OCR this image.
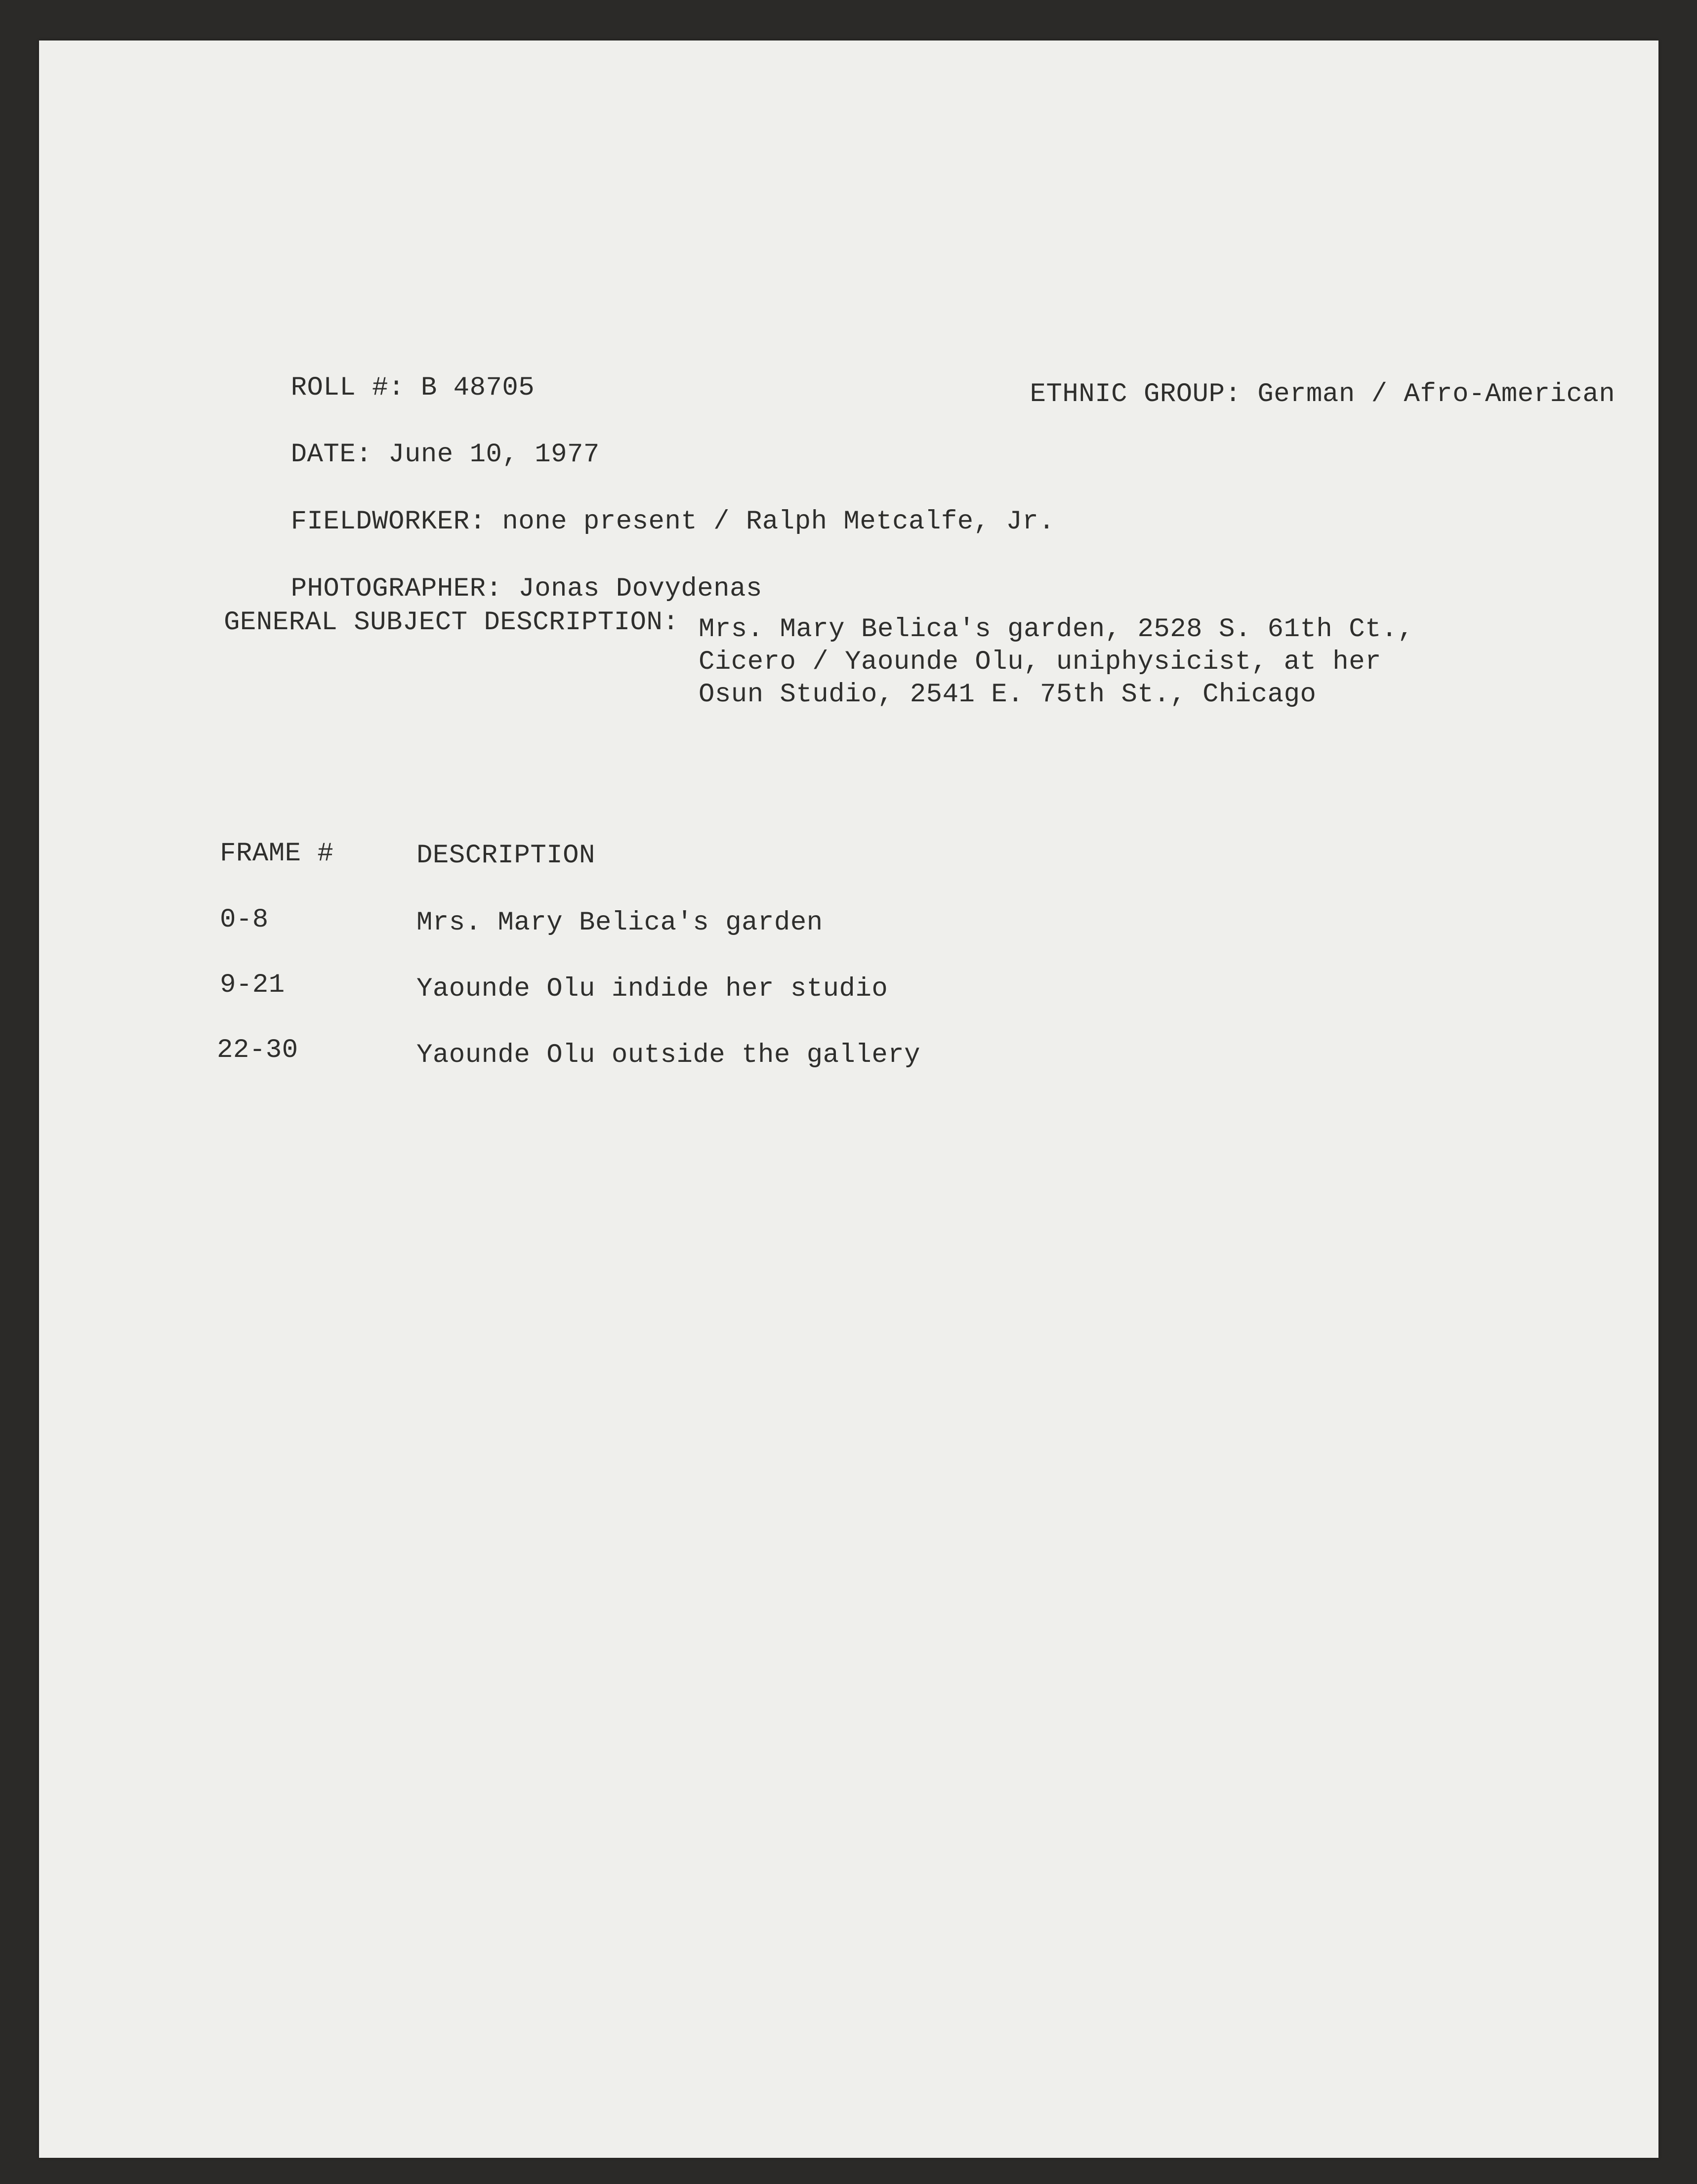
ROLL #: B 48705
	ETHNIC GROUP: German / Afro-American

DATE: June 10, 1977

FIELDWORKER: none present / Ralph Metcalfe, Jr.

PHOTOGRAPHER: Jonas Dovydenas

GENERAL SUBJECT DESCRIPTION: Mrs. Mary Belica's garden, 2528 S. 61th Ct.,
Cicero / Yaounde Olu, uniphysicist, at her
Osun Studio, 2541 E. 75th St., Chicago
FRAME #	DESCRIPTION
0-8	Mrs. Mary Belica's garden
9-21	Yaounde Olu indide her studio
22-30	Yaounde Olu outside the gallery
